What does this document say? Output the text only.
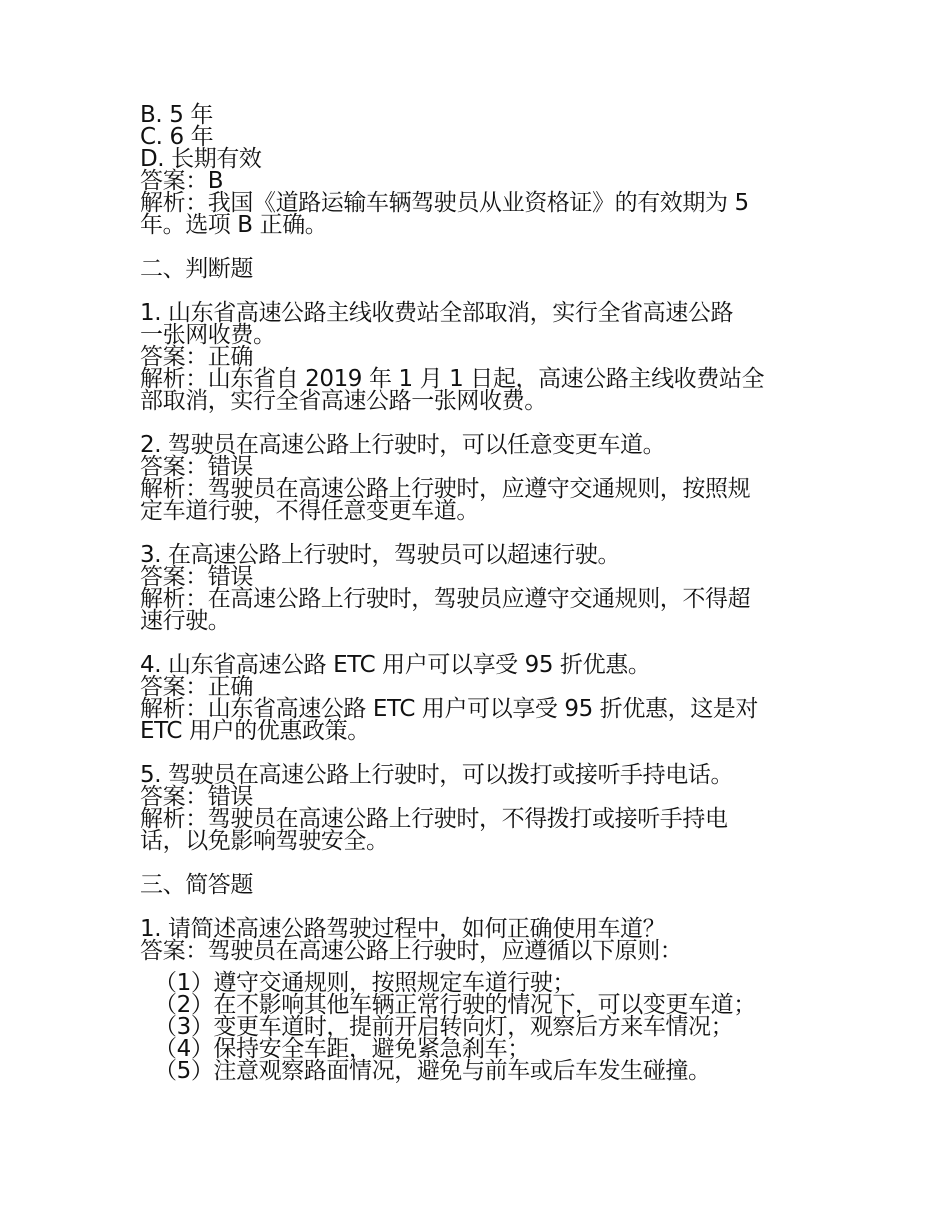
B. 5 年
C. 6 年
D. 长期有效
答案：B
解析：我国《道路运输车辆驾驶员从业资格证》的有效期为 5
年。选项 B 正确。
二、判断题
1. 山东省高速公路主线收费站全部取消，实行全省高速公路
一张网收费。
答案：正确
解析：山东省自 2019 年 1 月 1 日起，高速公路主线收费站全
部取消，实行全省高速公路一张网收费。
2. 驾驶员在高速公路上行驶时，可以任意变更车道。
答案：错误
解析：驾驶员在高速公路上行驶时，应遵守交通规则，按照规
定车道行驶，不得任意变更车道。
3. 在高速公路上行驶时，驾驶员可以超速行驶。
答案：错误
解析：在高速公路上行驶时，驾驶员应遵守交通规则，不得超
速行驶。
4. 山东省高速公路 ETC 用户可以享受 95 折优惠。
答案：正确
解析：山东省高速公路 ETC 用户可以享受 95 折优惠，这是对
ETC 用户的优惠政策。
5. 驾驶员在高速公路上行驶时，可以拨打或接听手持电话。
答案：错误
解析：驾驶员在高速公路上行驶时，不得拨打或接听手持电
话，以免影响驾驶安全。
三、简答题
1. 请简述高速公路驾驶过程中，如何正确使用车道？
答案：驾驶员在高速公路上行驶时，应遵循以下原则：
（1）遵守交通规则，按照规定车道行驶；
（2）在不影响其他车辆正常行驶的情况下，可以变更车道；
（3）变更车道时，提前开启转向灯，观察后方来车情况；
（4）保持安全车距，避免紧急刹车；
（5）注意观察路面情况，避免与前车或后车发生碰撞。
